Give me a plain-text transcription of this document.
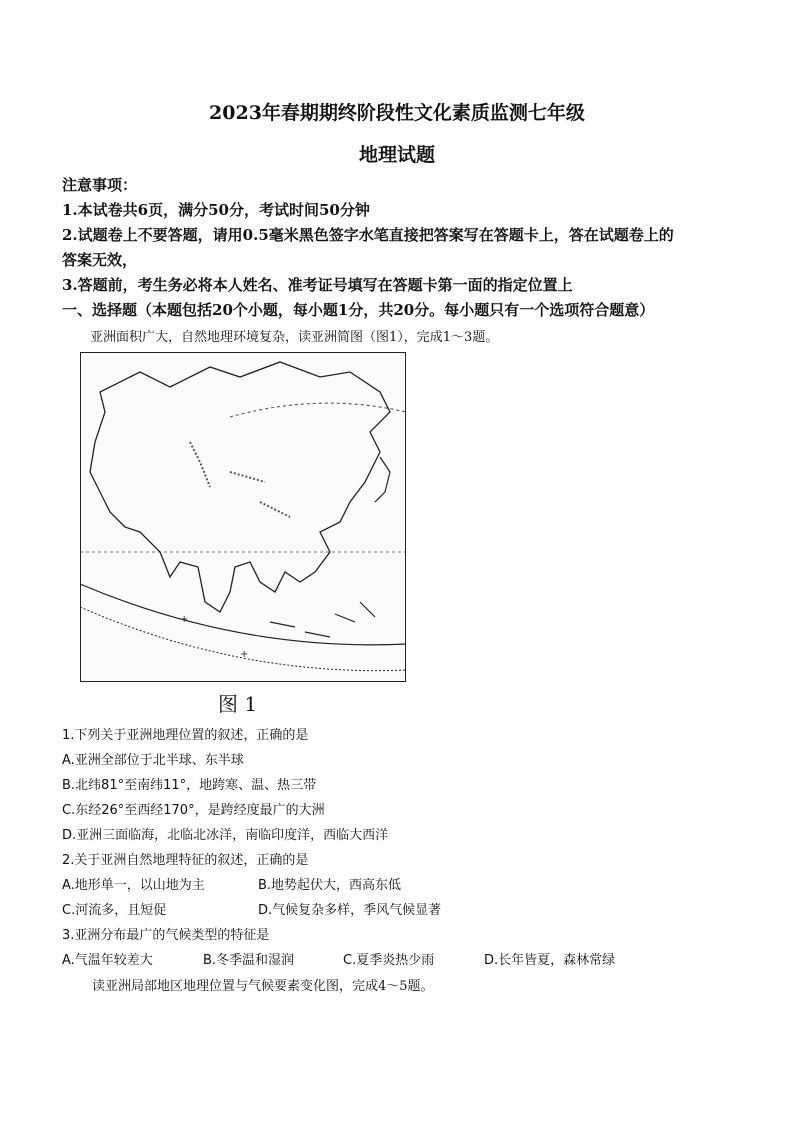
2023年春期期终阶段性文化素质监测七年级
地理试题
注意事项：
1.本试卷共6页，满分50分，考试时间50分钟
2.试题卷上不要答题，请用0.5毫米黑色签字水笔直接把答案写在答题卡上，答在试题卷上的
答案无效，
3.答题前，考生务必将本人姓名、准考证号填写在答题卡第一面的指定位置上
一、选择题（本题包括20个小题，每小题1分，共20分。每小题只有一个选项符合题意）
亚洲面积广大，自然地理环境复杂，读亚洲简图（图1），完成1～3题。
+
+
图 1
1.下列关于亚洲地理位置的叙述，正确的是
A.亚洲全部位于北半球、东半球
B.北纬81°至南纬11°，地跨寒、温、热三带
C.东经26°至西经170°，是跨经度最广的大洲
D.亚洲三面临海，北临北冰洋，南临印度洋，西临大西洋
2.关于亚洲自然地理特征的叙述，正确的是
A.地形单一，以山地为主	B.地势起伏大，西高东低
C.河流多，且短促	D.气候复杂多样，季风气候显著
3.亚洲分布最广的气候类型的特征是
A.气温年较差大	B.冬季温和湿润	C.夏季炎热少雨	D.长年皆夏，森林常绿
读亚洲局部地区地理位置与气候要素变化图，完成4～5题。
